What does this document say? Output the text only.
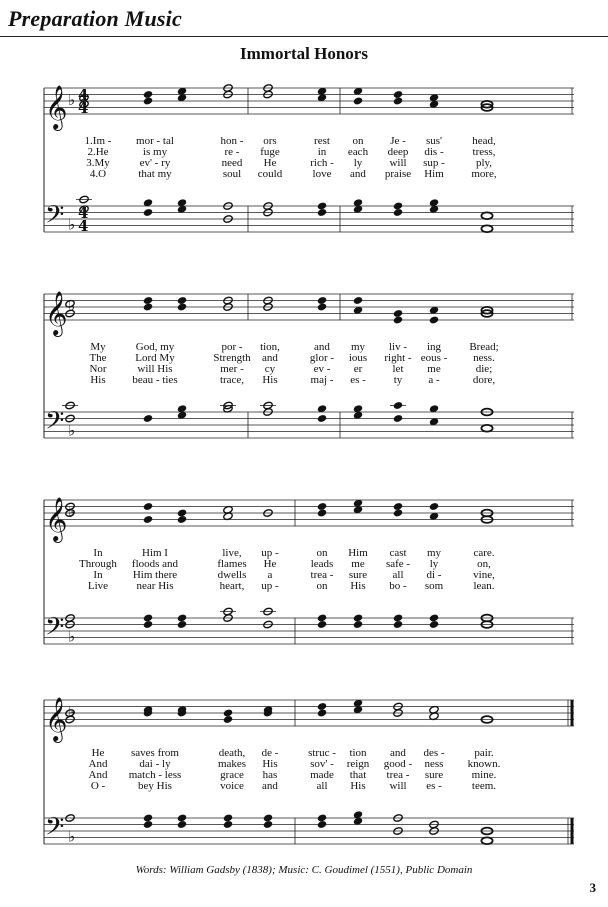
Preparation Music
Immortal Honors
𝄞 ♭
𝄢 ♭
4
4
4
4
1.Im - mor - tal	hon - ors	rest on Je - sus'	head,
2.He	is my	re - fuge	in each deep dis -	tress,
3.My	ev' - ry	need He	rich - ly will sup -	ply,
4.O	that my	soul could	love and praise Him	more,
𝄞 ♭
𝄢 ♭
My	God, my	por - tion,	and my liv - ing	Bread;
The	Lord My	Strength and	glor - ious right - eous - ness.
Nor	will His	mer - cy	ev - er	let me	die;
His beau - ties	trace, His	maj - es -	ty a -	dore,
𝄞 ♭
𝄢 ♭
In	Him I	live, up -	on Him cast my	care.
Through floods and	flames He	leads me safe - ly	on,
In	Him there	dwells a	trea - sure all di -	vine,
Live	near His	heart, up -	on His bo - som	lean.
𝄞 ♭
𝄢 ♭
He saves from	death, de -	struc - tion and des -	pair.
And	dai - ly	makes His	sov' - reign good - ness known.
And match - less	grace has	made that trea - sure	mine.
O -	bey His	voice and	all His will es -	teem.
Words: William Gadsby (1838); Music: C. Goudimel (1551), Public Domain
3
